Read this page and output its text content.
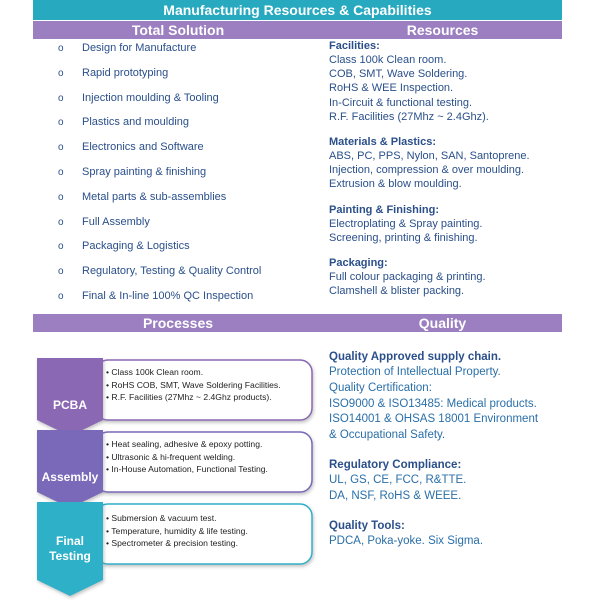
Manufacturing Resources & Capabilities
Total Solution	Resources
o Design for Manufacture
o Rapid prototyping
o Injection moulding & Tooling
o Plastics and moulding
o Electronics and Software
o Spray painting & finishing
o Metal parts & sub-assemblies
o Full Assembly
o Packaging & Logistics
o Regulatory, Testing & Quality Control
o Final & In-line 100% QC Inspection
Facilities:
Class 100k Clean room.
COB, SMT, Wave Soldering.
RoHS & WEE Inspection.
In-Circuit & functional testing.
R.F. Facilities (27Mhz ~ 2.4Ghz).
Materials & Plastics:
ABS, PC, PPS, Nylon, SAN, Santoprene.
Injection, compression & over moulding.
Extrusion & blow moulding.
Painting & Finishing:
Electroplating & Spray painting.
Screening, printing & finishing.
Packaging:
Full colour packaging & printing.
Clamshell & blister packing.
Processes	Quality
PCBA
Assembly
Final Testing
• Class 100k Clean room.
• RoHS COB, SMT, Wave Soldering Facilities.
• R.F. Facilities (27Mhz ~ 2.4Ghz products).
• Heat sealing, adhesive & epoxy potting.
• Ultrasonic & hi-frequent welding.
• In-House Automation, Functional Testing.
• Submersion & vacuum test.
• Temperature, humidity & life testing.
• Spectrometer & precision testing.
Quality Approved supply chain.
Protection of Intellectual Property.
Quality Certification:
ISO9000 & ISO13485: Medical products.
ISO14001 & OHSAS 18001 Environment
& Occupational Safety.
Regulatory Compliance:
UL, GS, CE, FCC, R&TTE.
DA, NSF, RoHS & WEEE.
Quality Tools:
PDCA, Poka-yoke. Six Sigma.
